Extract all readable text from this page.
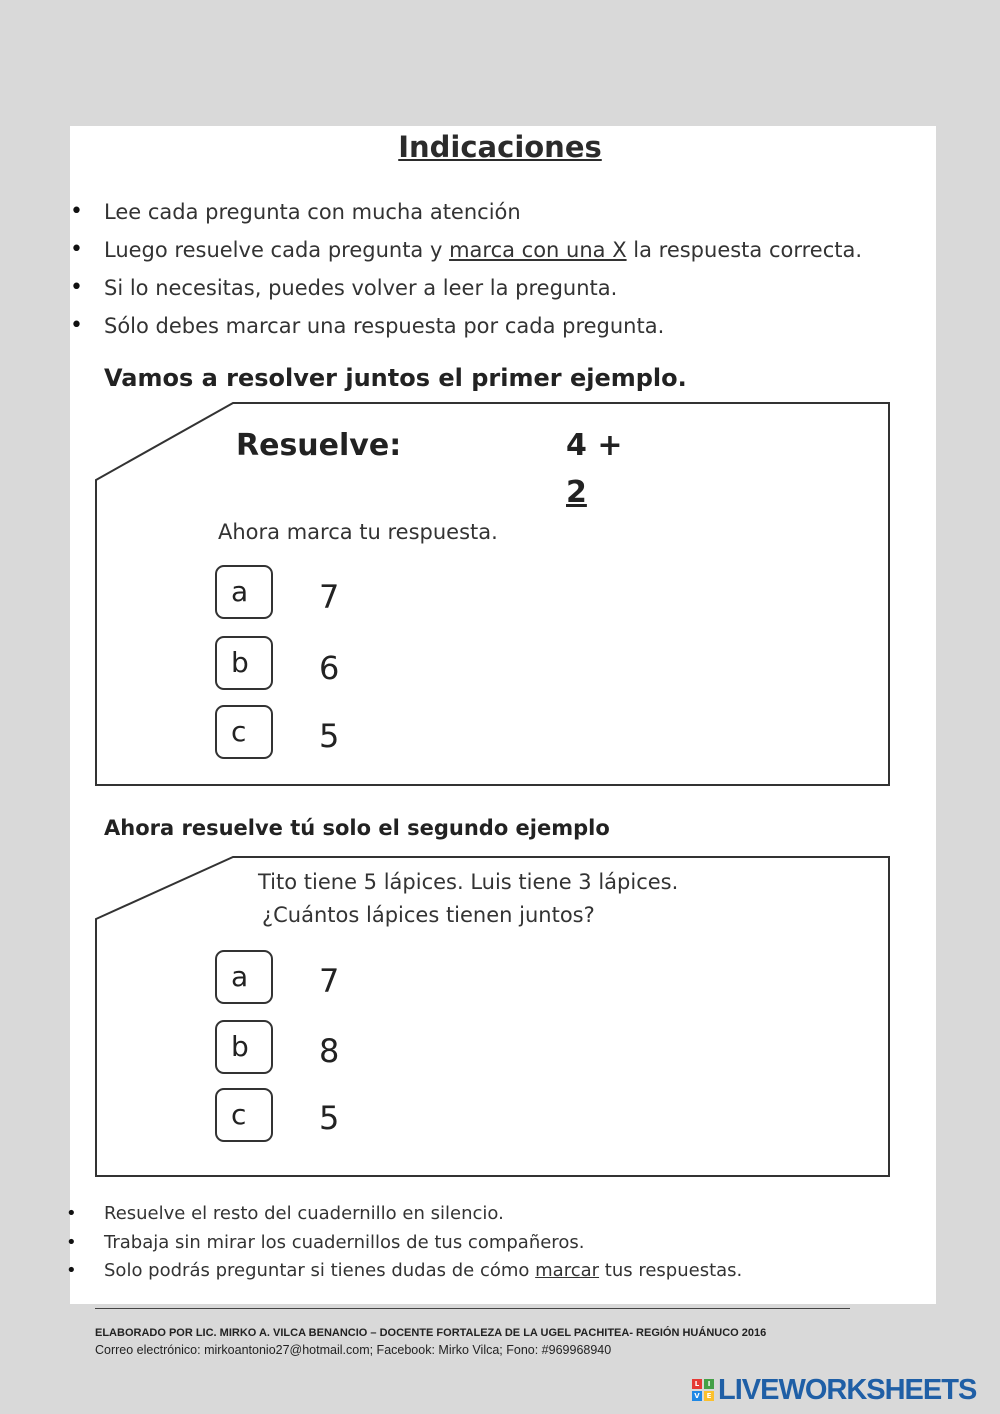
Indicaciones
• Lee cada pregunta con mucha atención
• Luego resuelve cada pregunta y marca con una X la respuesta correcta.
• Si lo necesitas, puedes volver a leer la pregunta.
• Sólo debes marcar una respuesta por cada pregunta.
Vamos a resolver juntos el primer ejemplo.
Resuelve:	4 +
2
Ahora marca tu respuesta.
a	7
b	6
c	5
Ahora resuelve tú solo el segundo ejemplo
Tito tiene 5 lápices. Luis tiene 3 lápices.
¿Cuántos lápices tienen juntos?
a	7
b	8
c	5
• Resuelve el resto del cuadernillo en silencio.
• Trabaja sin mirar los cuadernillos de tus compañeros.
• Solo podrás preguntar si tienes dudas de cómo marcar tus respuestas.
ELABORADO POR LIC. MIRKO A. VILCA BENANCIO – DOCENTE FORTALEZA DE LA UGEL PACHITEA- REGIÓN HUÁNUCO 2016
Correo electrónico: mirkoantonio27@hotmail.com; Facebook: Mirko Vilca; Fono: #969968940
L	I
V E LIVEWORKSHEETS
